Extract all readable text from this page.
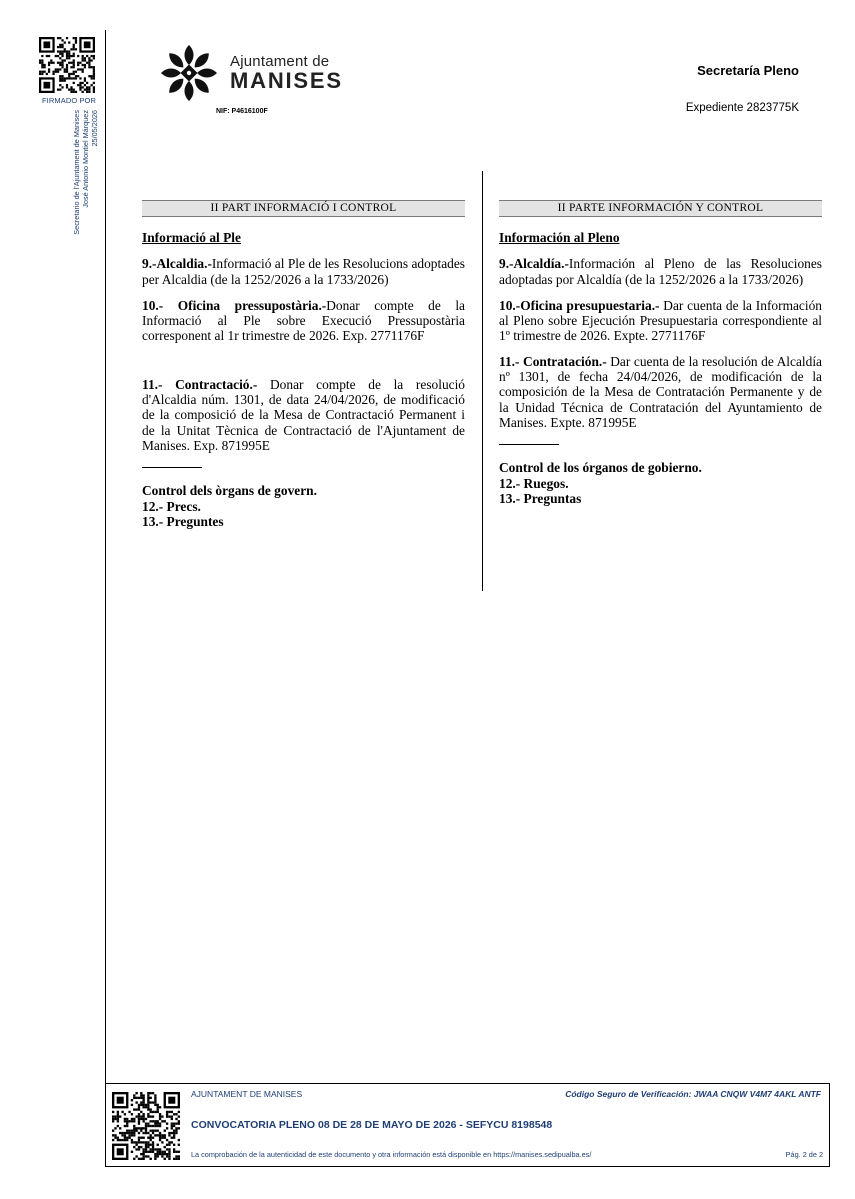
FIRMADO POR
Secretario de l'Ajuntament de Manises José Antonio Montiel Márquez 25/05/2026
Ajuntament de
MANISES
NIF: P4616100F
Secretaría Pleno
Expediente 2823775K
II PART INFORMACIÓ I CONTROL
Informació al Ple
9.-Alcaldia.-Informació al Ple de les Resolucions adoptades per Alcaldia (de la 1252/2026 a la 1733/2026)
10.- Oficina pressupostària.-Donar compte de la Informació al Ple sobre Execució Pressupostària corresponent al 1r trimestre de 2026. Exp. 2771176F
11.- Contractació.- Donar compte de la resolució d'Alcaldia núm. 1301, de data 24/04/2026, de modificació de la composició de la Mesa de Contractació Permanent i de la Unitat Tècnica de Contractació de l'Ajuntament de Manises. Exp. 871995E
Control dels òrgans de govern.
12.- Precs.
13.- Preguntes
II PARTE INFORMACIÓN Y CONTROL
Información al Pleno
9.-Alcaldía.-Información al Pleno de las Resoluciones adoptadas por Alcaldía (de la 1252/2026 a la 1733/2026)
10.-Oficina presupuestaria.- Dar cuenta de la Información al Pleno sobre Ejecución Presupuestaria correspondiente al 1º trimestre de 2026. Expte. 2771176F
11.- Contratación.- Dar cuenta de la resolución de Alcaldía nº 1301, de fecha 24/04/2026, de modificación de la composición de la Mesa de Contratación Permanente y de la Unidad Técnica de Contratación del Ayuntamiento de Manises. Expte. 871995E
Control de los órganos de gobierno.
12.- Ruegos.
13.- Preguntas
AJUNTAMENT DE MANISES	Código Seguro de Verificación: JWAA CNQW V4M7 4AKL ANTF
CONVOCATORIA PLENO 08 DE 28 DE MAYO DE 2026 - SEFYCU 8198548
La comprobación de la autenticidad de este documento y otra información está disponible en https://manises.sedipualba.es/	Pág. 2 de 2
